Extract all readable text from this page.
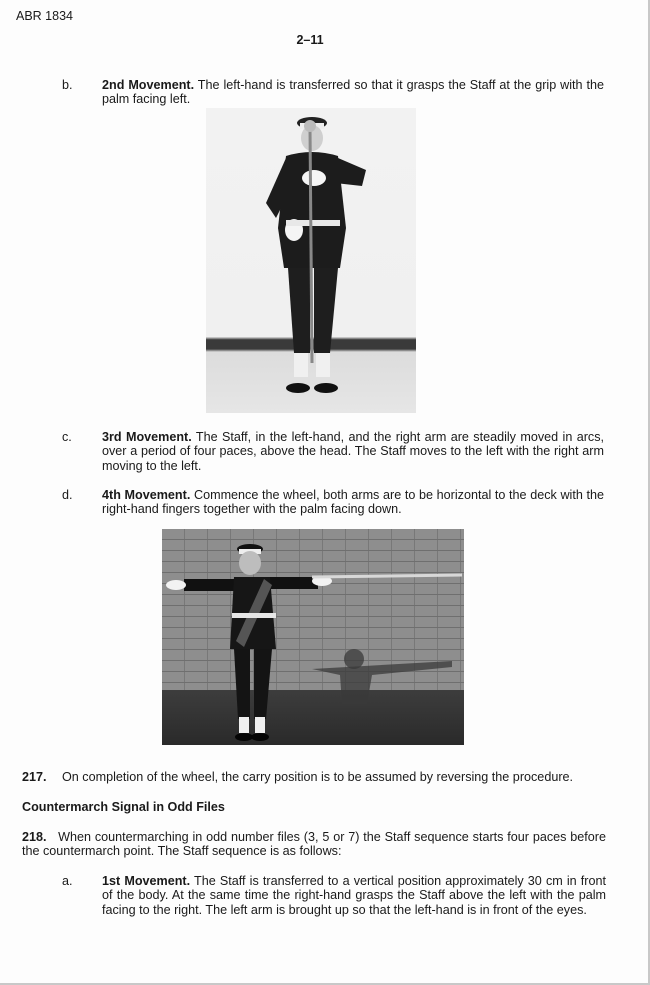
ABR 1834
2–11
b. 2nd Movement. The left-hand is transferred so that it grasps the Staff at the grip with the palm facing left.
c. 3rd Movement. The Staff, in the left-hand, and the right arm are steadily moved in arcs, over a period of four paces, above the head. The Staff moves to the left with the right arm moving to the left.
d. 4th Movement. Commence the wheel, both arms are to be horizontal to the deck with the right-hand fingers together with the palm facing down.
217. On completion of the wheel, the carry position is to be assumed by reversing the procedure.
Countermarch Signal in Odd Files
218. When countermarching in odd number files (3, 5 or 7) the Staff sequence starts four paces before the countermarch point. The Staff sequence is as follows:
a. 1st Movement. The Staff is transferred to a vertical position approximately 30 cm in front of the body. At the same time the right-hand grasps the Staff above the left with the palm facing to the right. The left arm is brought up so that the left-hand is in front of the eyes.
